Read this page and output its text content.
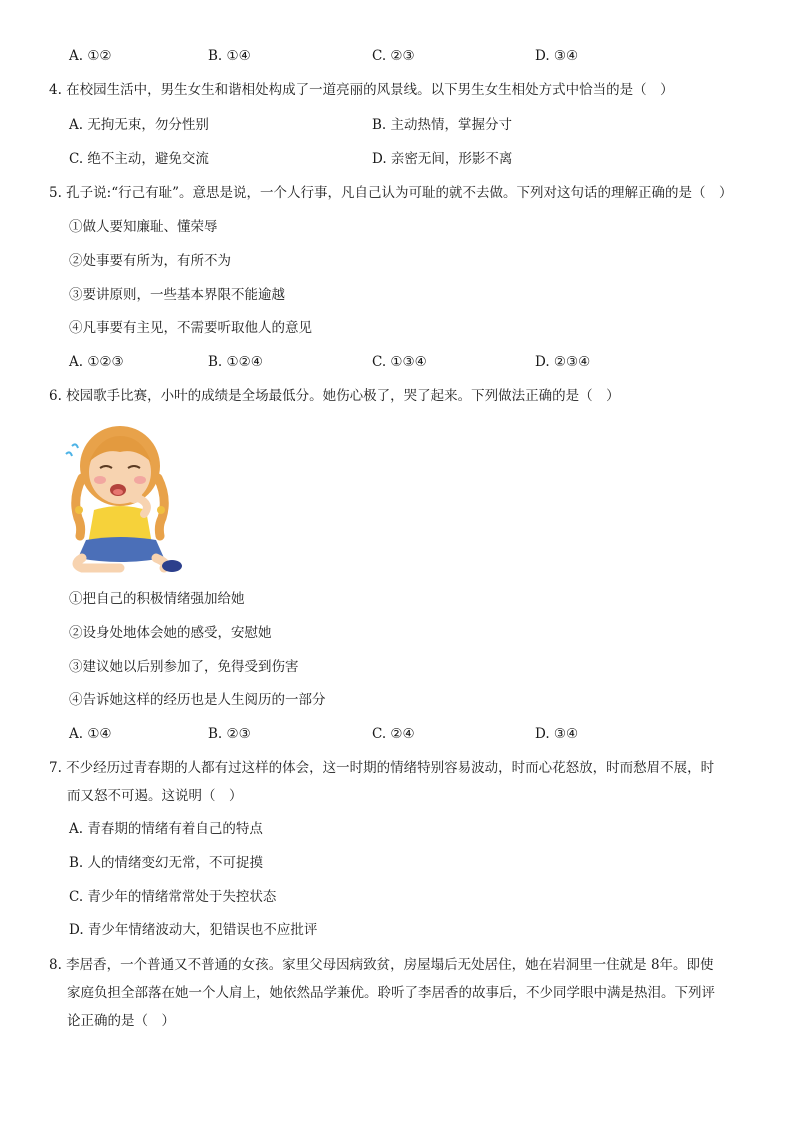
A. ①②	B. ①④	C. ②③	D. ③④
4. 在校园生活中，男生女生和谐相处构成了一道亮丽的风景线。以下男生女生相处方式中恰当的是（　）
A. 无拘无束，勿分性别	B. 主动热情，掌握分寸
C. 绝不主动，避免交流	D. 亲密无间，形影不离
5. 孔子说:“行己有耻”。意思是说，一个人行事，凡自己认为可耻的就不去做。下列对这句话的理解正确的是（　）
①做人要知廉耻、懂荣辱
②处事要有所为，有所不为
③要讲原则，一些基本界限不能逾越
④凡事要有主见，不需要听取他人的意见
A. ①②③	B. ①②④	C. ①③④	D. ②③④
6. 校园歌手比赛，小叶的成绩是全场最低分。她伤心极了，哭了起来。下列做法正确的是（　）
①把自己的积极情绪强加给她
②设身处地体会她的感受，安慰她
③建议她以后别参加了，免得受到伤害
④告诉她这样的经历也是人生阅历的一部分
A. ①④	B. ②③	C. ②④	D. ③④
7. 不少经历过青春期的人都有过这样的体会，这一时期的情绪特别容易波动，时而心花怒放，时而愁眉不展，时
而又怒不可遏。这说明（　）
A. 青春期的情绪有着自己的特点
B. 人的情绪变幻无常，不可捉摸
C. 青少年的情绪常常处于失控状态
D. 青少年情绪波动大，犯错误也不应批评
8. 李居香，一个普通又不普通的女孩。家里父母因病致贫，房屋塌后无处居住，她在岩洞里一住就是 8年。即使
家庭负担全部落在她一个人肩上，她依然品学兼优。聆听了李居香的故事后，不少同学眼中满是热泪。下列评
论正确的是（　）
